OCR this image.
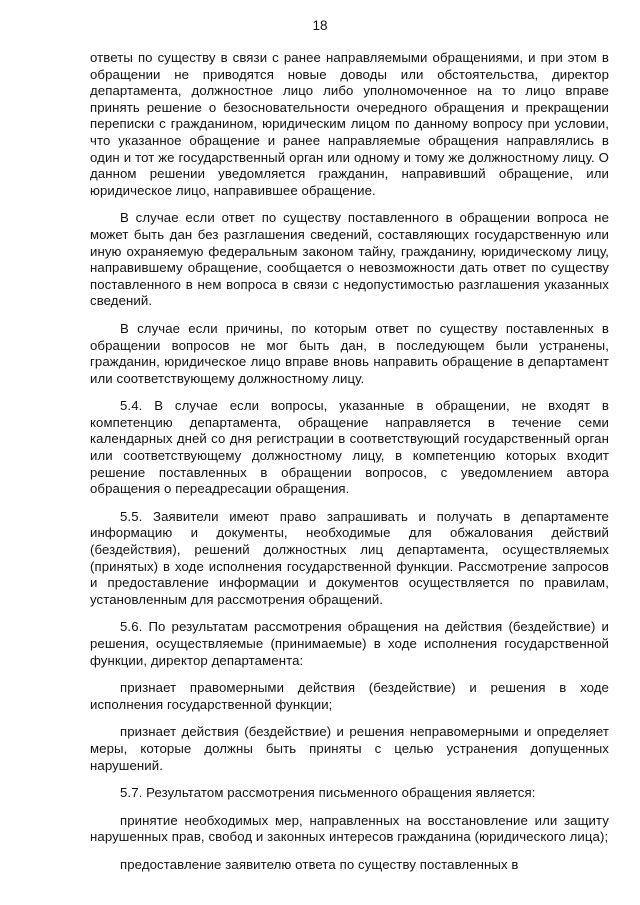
18

ответы по существу в связи с ранее направляемыми обращениями, и при этом в обращении не приводятся новые доводы или обстоятельства, директор департамента, должностное лицо либо уполномоченное на то лицо вправе принять решение о безосновательности очередного обращения и прекращении переписки с гражданином, юридическим лицом по данному вопросу при условии, что указанное обращение и ранее направляемые обращения направлялись в один и тот же государственный орган или одному и тому же должностному лицу. О данном решении уведомляется гражданин, направивший обращение, или юридическое лицо, направившее обращение.

В случае если ответ по существу поставленного в обращении вопроса не может быть дан без разглашения сведений, составляющих государственную или иную охраняемую федеральным законом тайну, гражданину, юридическому лицу, направившему обращение, сообщается о невозможности дать ответ по существу поставленного в нем вопроса в связи с недопустимостью разглашения указанных сведений.

В случае если причины, по которым ответ по существу поставленных в обращении вопросов не мог быть дан, в последующем были устранены, гражданин, юридическое лицо вправе вновь направить обращение в департамент или соответствующему должностному лицу.

5.4. В случае если вопросы, указанные в обращении, не входят в компетенцию департамента, обращение направляется в течение семи календарных дней со дня регистрации в соответствующий государственный орган или соответствующему должностному лицу, в компетенцию которых входит решение поставленных в обращении вопросов, с уведомлением автора обращения о переадресации обращения.

5.5. Заявители имеют право запрашивать и получать в департаменте информацию и документы, необходимые для обжалования действий (бездействия), решений должностных лиц департамента, осуществляемых (принятых) в ходе исполнения государственной функции. Рассмотрение запросов и предоставление информации и документов осуществляется по правилам, установленным для рассмотрения обращений.

5.6. По результатам рассмотрения обращения на действия (бездействие) и решения, осуществляемые (принимаемые) в ходе исполнения государственной функции, директор департамента:

признает правомерными действия (бездействие) и решения в ходе исполнения государственной функции;

признает действия (бездействие) и решения неправомерными и определяет меры, которые должны быть приняты с целью устранения допущенных нарушений.

5.7. Результатом рассмотрения письменного обращения является:

принятие необходимых мер, направленных на восстановление или защиту нарушенных прав, свобод и законных интересов гражданина (юридического лица);

предоставление заявителю ответа по существу поставленных в
